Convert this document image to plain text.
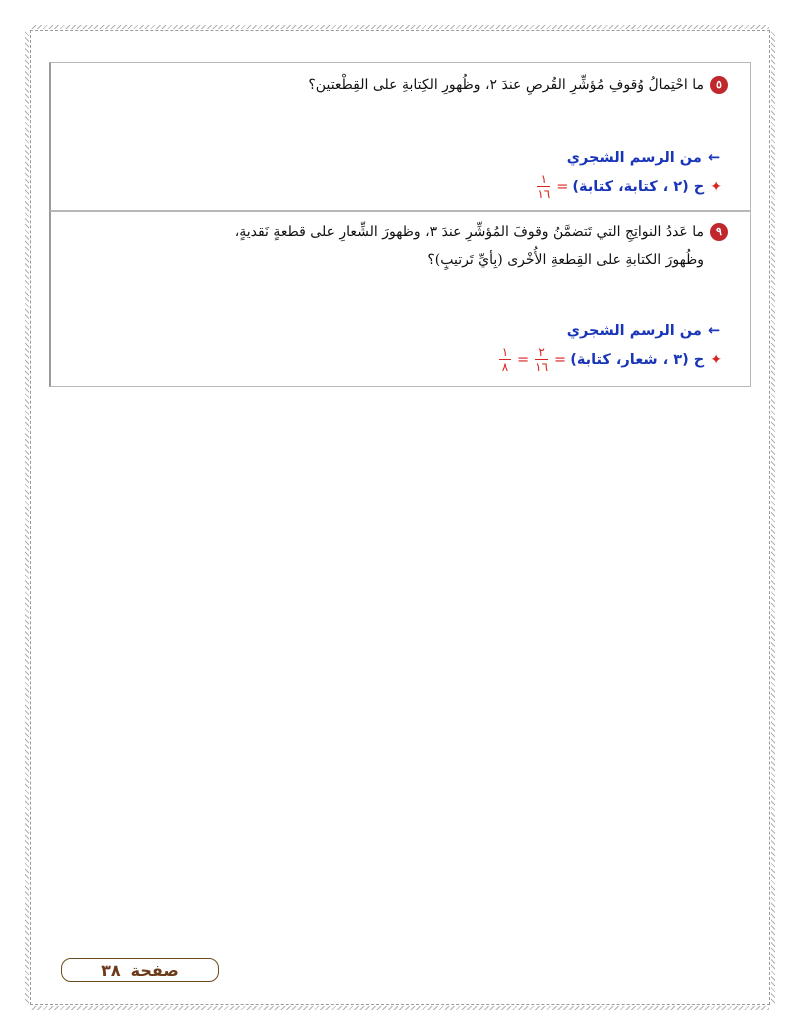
٥ما احْتِمالُ وُقوفِ مُؤشِّرِ القُرصِ عندَ ٢، وظُهورِ الكِتابةِ على القِطْعتين؟
←من الرسم الشجري
✦
ح (٢ ، كتابة، كتابة)
=
$\frac{١}{١٦}$
٩ما عَددُ النواتِجِ التي تَتضمَّنُ وقوفَ المُؤشِّرِ عندَ ٣، وظهورَ الشِّعارِ على قطعةٍ نَقديةٍ،
وظُهورَ الكتابةِ على القِطعةِ الأُخْرى (بِأيِّ تَرتيبٍ)؟
←من الرسم الشجري
✦
ح (٣ ، شعار، كتابة)
=
$\frac{٢}{١٦}$
=
$\frac{١}{٨}$
صفحة
٣٨
